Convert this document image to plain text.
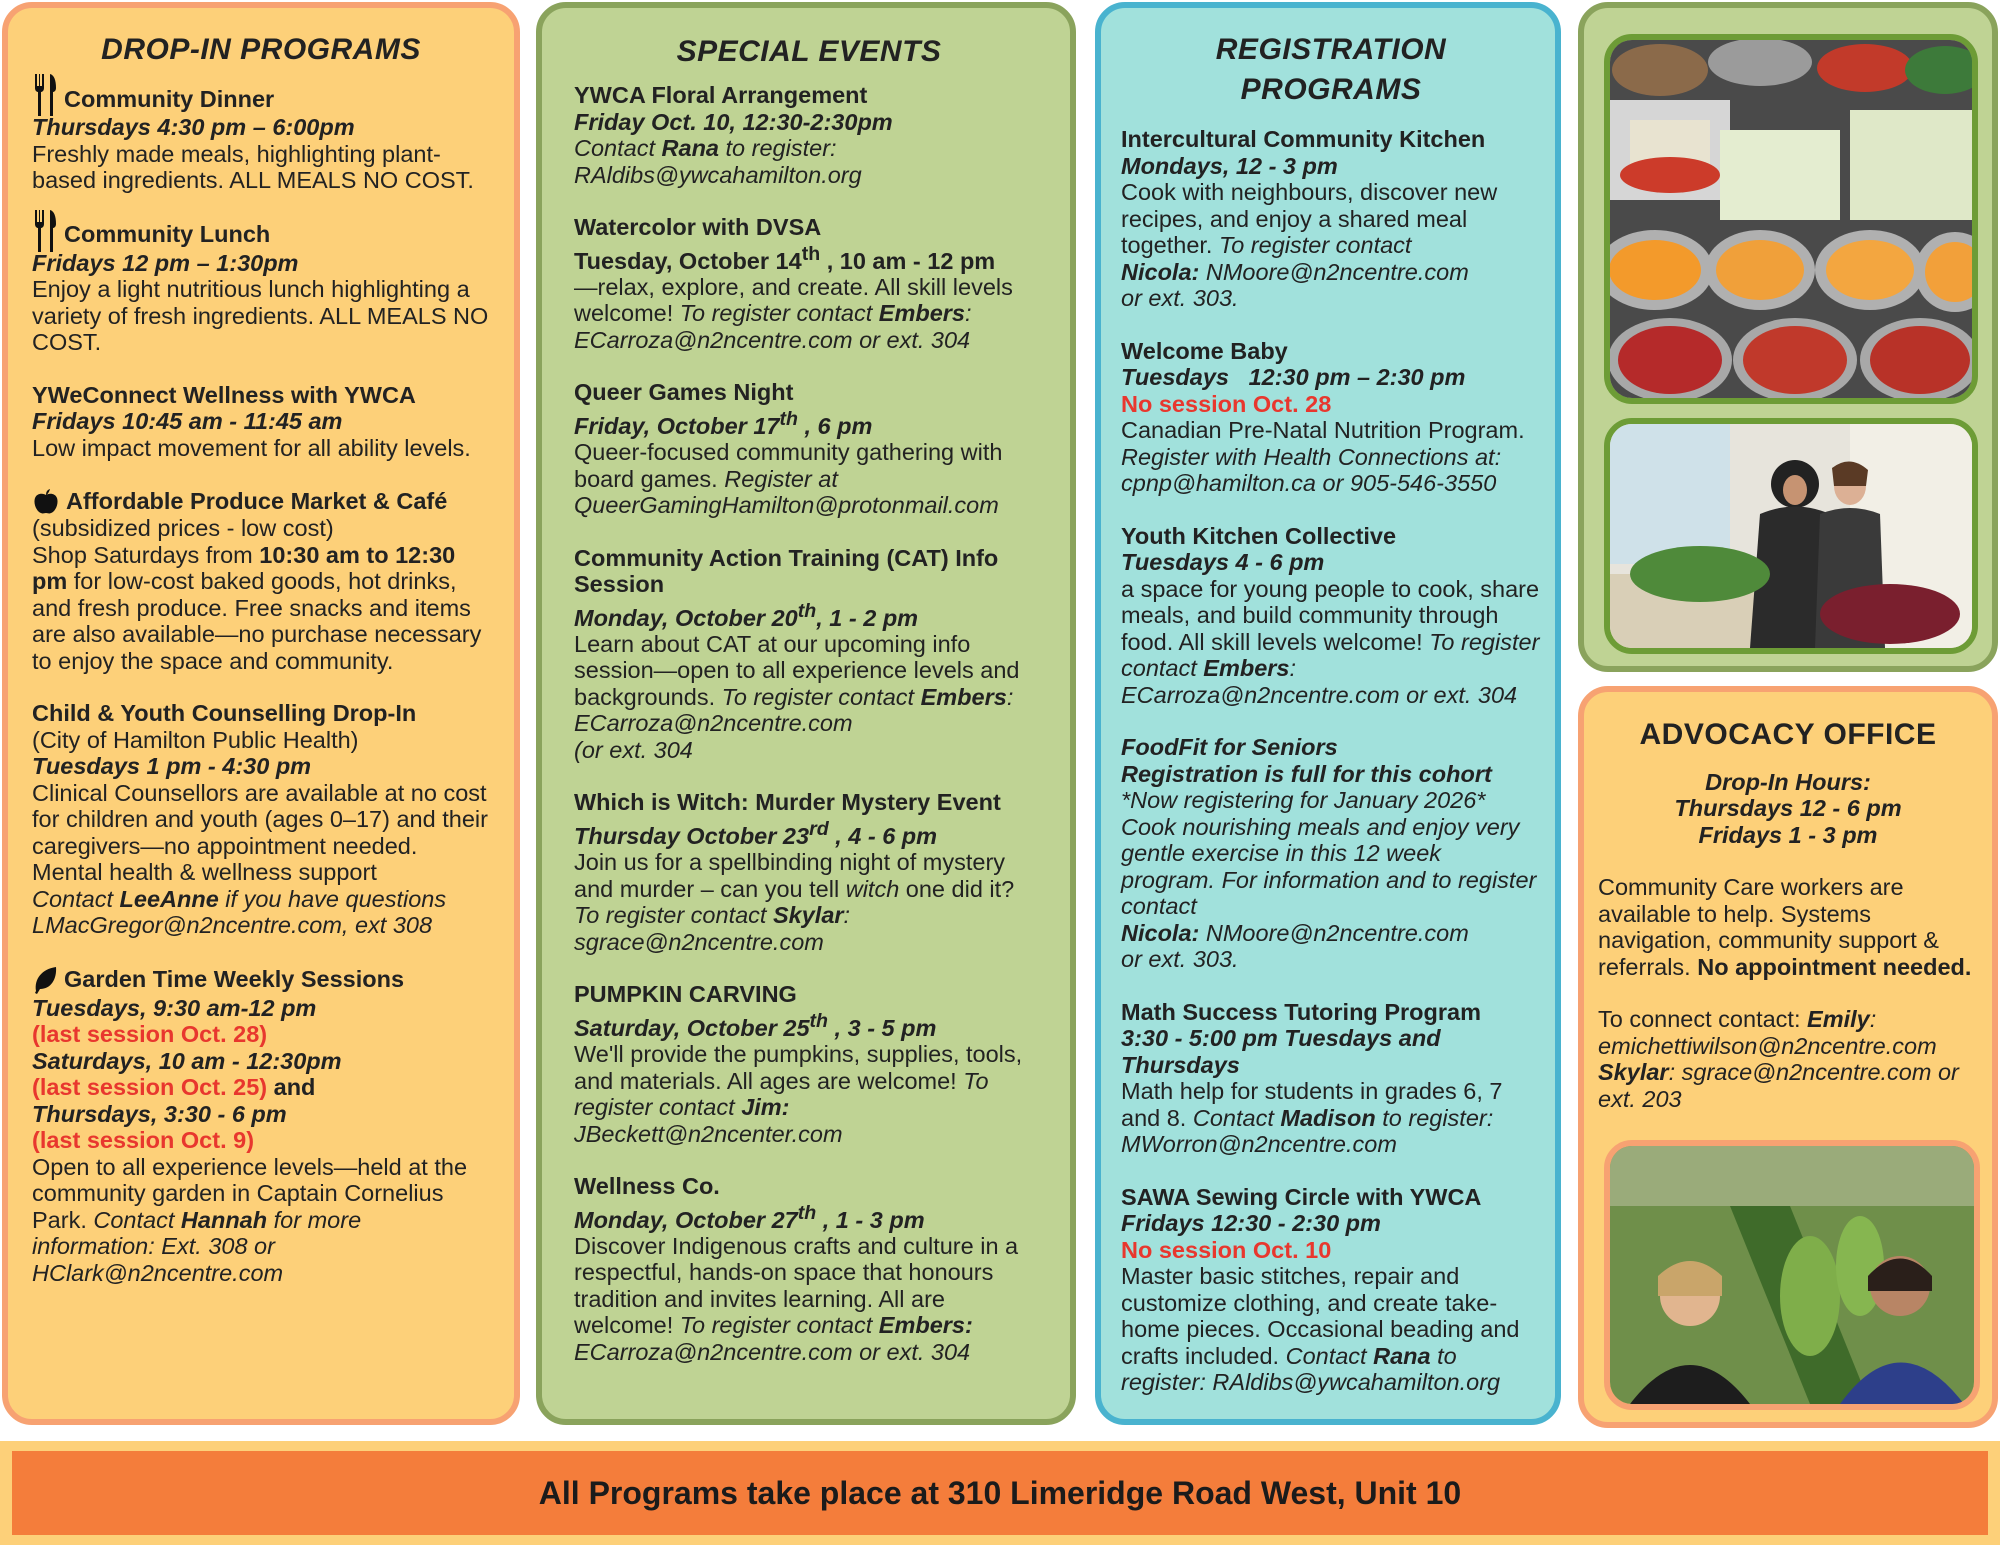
DROP-IN PROGRAMS
Community Dinner

Thursdays 4:30 pm – 6:00pm

Freshly made meals, highlighting plant-based ingredients. ALL MEALS NO COST.

Community Lunch

Fridays 12 pm – 1:30pm

Enjoy a light nutritious lunch highlighting a variety of fresh ingredients. ALL MEALS NO COST.

YWeConnect Wellness with YWCA

Fridays 10:45 am - 11:45 am

Low impact movement for all ability levels.

Affordable Produce Market & Café

(subsidized prices - low cost)

Shop Saturdays from 10:30 am to 12:30 pm for low-cost baked goods, hot drinks, and fresh produce. Free snacks and items are also available—no purchase necessary to enjoy the space and community.

Child & Youth Counselling Drop-In

(City of Hamilton Public Health)

Tuesdays 1 pm - 4:30 pm

Clinical Counsellors are available at no cost for children and youth (ages 0–17) and their caregivers—no appointment needed. Mental health & wellness support

Contact LeeAnne if you have questions

LMacGregor@n2ncentre.com, ext 308

Garden Time Weekly Sessions

Tuesdays, 9:30 am-12 pm

(last session Oct. 28)

Saturdays, 10 am - 12:30pm

(last session Oct. 25) and

Thursdays, 3:30 - 6 pm

(last session Oct. 9)

Open to all experience levels—held at the community garden in Captain Cornelius Park. Contact Hannah for more information: Ext. 308 or HClark@n2ncentre.com

SPECIAL EVENTS

YWCA Floral Arrangement

Friday Oct. 10, 12:30-2:30pm

Contact Rana to register:

RAldibs@ywcahamilton.org

Watercolor with DVSA

Tuesday, October 14th , 10 am - 12 pm

—relax, explore, and create. All skill levels welcome! To register contact Embers:

ECarroza@n2ncentre.com or ext. 304

Queer Games Night

Friday, October 17th , 6 pm

Queer-focused community gathering with board games. Register at QueerGamingHamilton@protonmail.com

Community Action Training (CAT) Info Session

Monday, October 20th, 1 - 2 pm

Learn about CAT at our upcoming info session—open to all experience levels and backgrounds. To register contact Embers:

ECarroza@n2ncentre.com

(or ext. 304

Which is Witch: Murder Mystery Event

Thursday October 23rd , 4 - 6 pm

Join us for a spellbinding night of mystery and murder – can you tell witch one did it?

To register contact Skylar:

sgrace@n2ncentre.com

PUMPKIN CARVING

Saturday, October 25th , 3 - 5 pm

We'll provide the pumpkins, supplies, tools, and materials. All ages are welcome! To register contact Jim:

JBeckett@n2ncenter.com

Wellness Co.

Monday, October 27th , 1 - 3 pm

Discover Indigenous crafts and culture in a respectful, hands-on space that honours tradition and invites learning. All are welcome! To register contact Embers:

ECarroza@n2ncentre.com or ext. 304

REGISTRATION
PROGRAMS

Intercultural Community Kitchen

Mondays, 12 - 3 pm

Cook with neighbours, discover new recipes, and enjoy a shared meal together. To register contact

Nicola: NMoore@n2ncentre.com

or ext. 303.

Welcome Baby

Tuesdays   12:30 pm – 2:30 pm

No session Oct. 28

Canadian Pre-Natal Nutrition Program.

Register with Health Connections at: cpnp@hamilton.ca or 905-546-3550

Youth Kitchen Collective

Tuesdays 4 - 6 pm

a space for young people to cook, share meals, and build community through food. All skill levels welcome! To register contact Embers:

ECarroza@n2ncentre.com or ext. 304

FoodFit for Seniors

Registration is full for this cohort

*Now registering for January 2026*

Cook nourishing meals and enjoy very gentle exercise in this 12 week program. For information and to register contact

Nicola: NMoore@n2ncentre.com

or ext. 303.

Math Success Tutoring Program

3:30 - 5:00 pm Tuesdays and Thursdays

Math help for students in grades 6, 7 and 8. Contact Madison to register:

MWorron@n2ncentre.com

SAWA Sewing Circle with YWCA

Fridays 12:30 - 2:30 pm

No session Oct. 10

Master basic stitches, repair and customize clothing, and create take-home pieces. Occasional beading and crafts included. Contact Rana to register: RAldibs@ywcahamilton.org

ADVOCACY OFFICE

Drop-In Hours:

Thursdays 12 - 6 pm

Fridays 1 - 3 pm

Community Care workers are available to help. Systems navigation, community support & referrals. No appointment needed.

To connect contact: Emily:

emichettiwilson@n2ncentre.com

Skylar: sgrace@n2ncentre.com or ext. 203

All Programs take place at 310 Limeridge Road West, Unit 10
